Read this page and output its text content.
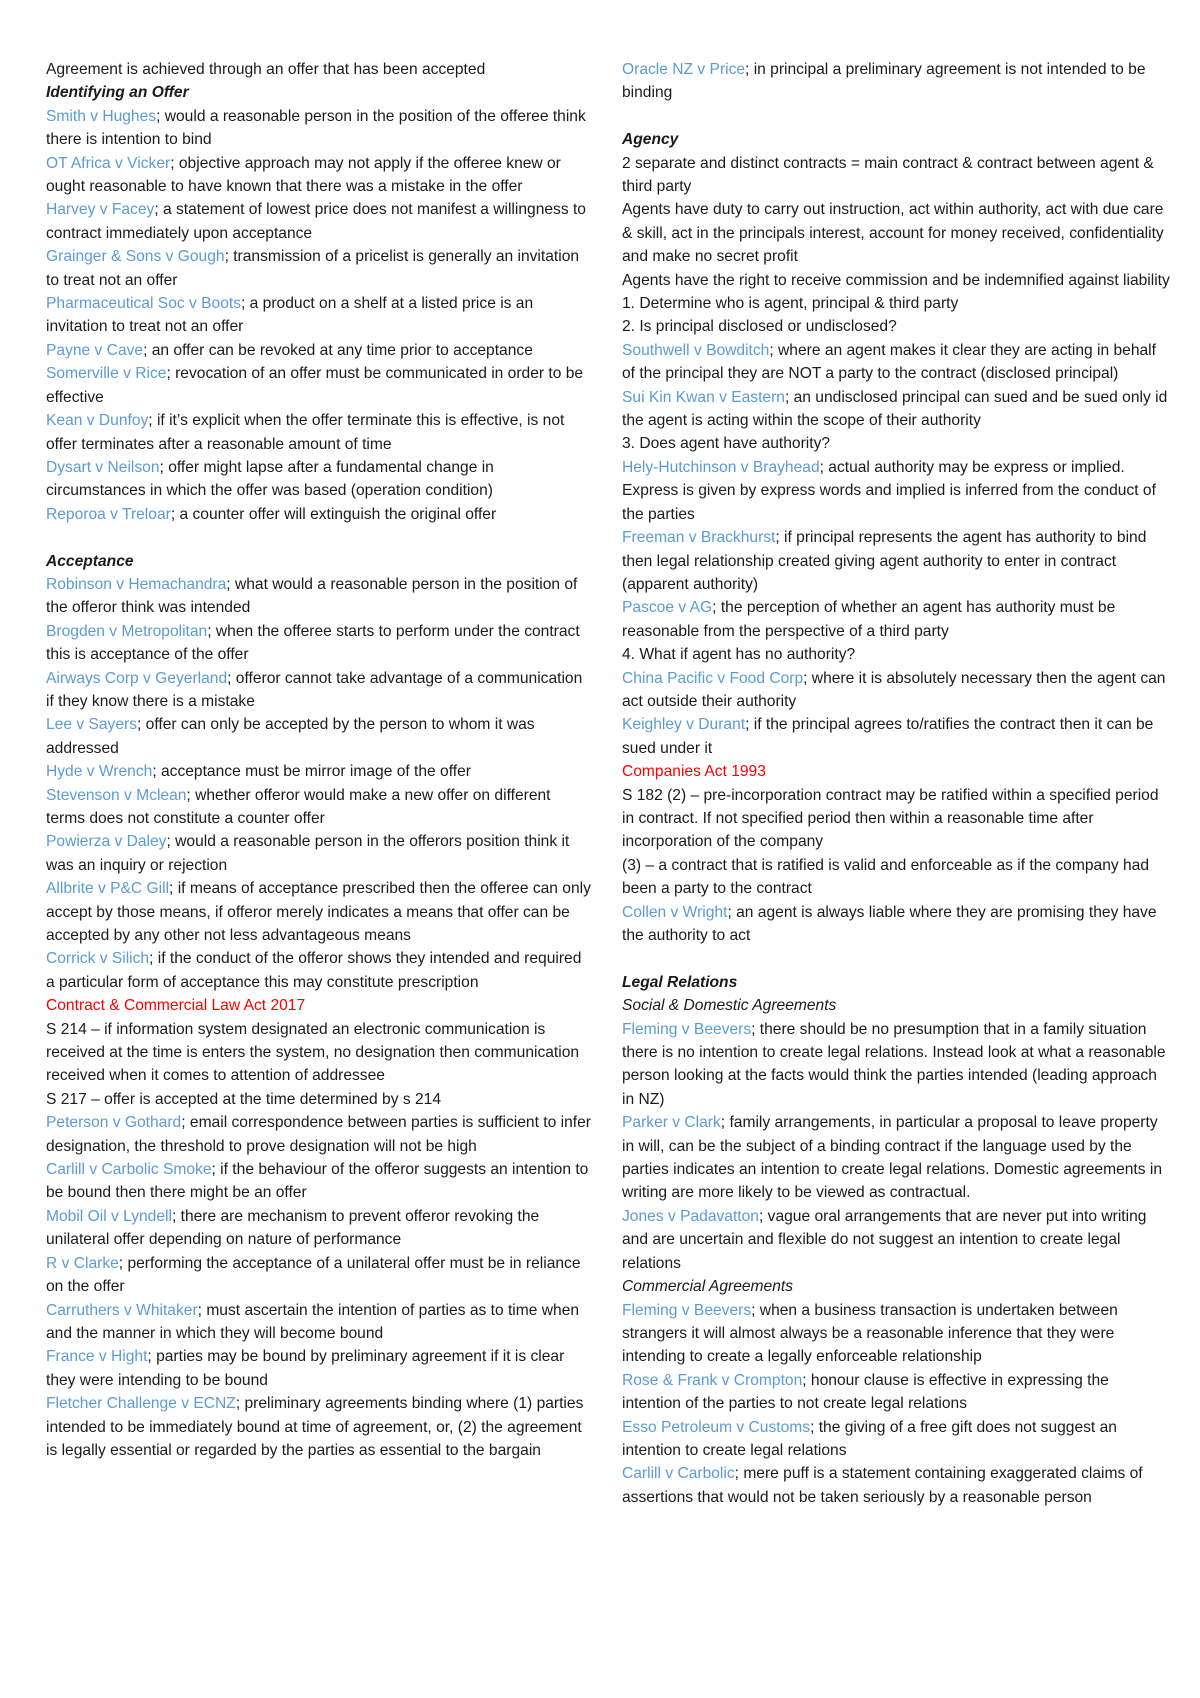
Agreement is achieved through an offer that has been accepted

Identifying an Offer

Smith v Hughes; would a reasonable person in the position of the offeree think there is intention to bind

OT Africa v Vicker; objective approach may not apply if the offeree knew or ought reasonable to have known that there was a mistake in the offer

Harvey v Facey; a statement of lowest price does not manifest a willingness to contract immediately upon acceptance

Grainger & Sons v Gough; transmission of a pricelist is generally an invitation to treat not an offer

Pharmaceutical Soc v Boots; a product on a shelf at a listed price is an invitation to treat not an offer

Payne v Cave; an offer can be revoked at any time prior to acceptance

Somerville v Rice; revocation of an offer must be communicated in order to be effective

Kean v Dunfoy; if it’s explicit when the offer terminate this is effective, is not offer terminates after a reasonable amount of time

Dysart v Neilson; offer might lapse after a fundamental change in circumstances in which the offer was based (operation condition)

Reporoa v Treloar; a counter offer will extinguish the original offer

Acceptance

Robinson v Hemachandra; what would a reasonable person in the position of the offeror think was intended

Brogden v Metropolitan; when the offeree starts to perform under the contract this is acceptance of the offer

Airways Corp v Geyerland; offeror cannot take advantage of a communication if they know there is a mistake

Lee v Sayers; offer can only be accepted by the person to whom it was addressed

Hyde v Wrench; acceptance must be mirror image of the offer

Stevenson v Mclean; whether offeror would make a new offer on different terms does not constitute a counter offer

Powierza v Daley; would a reasonable person in the offerors position think it was an inquiry or rejection

Allbrite v P&C Gill; if means of acceptance prescribed then the offeree can only accept by those means, if offeror merely indicates a means that offer can be accepted by any other not less advantageous means

Corrick v Silich; if the conduct of the offeror shows they intended and required a particular form of acceptance this may constitute prescription

Contract & Commercial Law Act 2017

S 214 – if information system designated an electronic communication is received at the time is enters the system, no designation then communication received when it comes to attention of addressee

S 217 – offer is accepted at the time determined by s 214

Peterson v Gothard; email correspondence between parties is sufficient to infer designation, the threshold to prove designation will not be high

Carlill v Carbolic Smoke; if the behaviour of the offeror suggests an intention to be bound then there might be an offer

Mobil Oil v Lyndell; there are mechanism to prevent offeror revoking the unilateral offer depending on nature of performance

R v Clarke; performing the acceptance of a unilateral offer must be in reliance on the offer

Carruthers v Whitaker; must ascertain the intention of parties as to time when and the manner in which they will become bound

France v Hight; parties may be bound by preliminary agreement if it is clear they were intending to be bound

Fletcher Challenge v ECNZ; preliminary agreements binding where (1) parties intended to be immediately bound at time of agreement, or, (2) the agreement is legally essential or regarded by the parties as essential to the bargain

Oracle NZ v Price; in principal a preliminary agreement is not intended to be binding

Agency

2 separate and distinct contracts = main contract & contract between agent & third party

Agents have duty to carry out instruction, act within authority, act with due care & skill, act in the principals interest, account for money received, confidentiality and make no secret profit

Agents have the right to receive commission and be indemnified against liability

1. Determine who is agent, principal & third party

2. Is principal disclosed or undisclosed?

Southwell v Bowditch; where an agent makes it clear they are acting in behalf of the principal they are NOT a party to the contract (disclosed principal)

Sui Kin Kwan v Eastern; an undisclosed principal can sued and be sued only id the agent is acting within the scope of their authority

3. Does agent have authority?

Hely-Hutchinson v Brayhead; actual authority may be express or implied. Express is given by express words and implied is inferred from the conduct of the parties

Freeman v Brackhurst; if principal represents the agent has authority to bind then legal relationship created giving agent authority to enter in contract (apparent authority)

Pascoe v AG; the perception of whether an agent has authority must be reasonable from the perspective of a third party

4. What if agent has no authority?

China Pacific v Food Corp; where it is absolutely necessary then the agent can act outside their authority

Keighley v Durant; if the principal agrees to/ratifies the contract then it can be sued under it

Companies Act 1993

S 182 (2) – pre-incorporation contract may be ratified within a specified period in contract. If not specified period then within a reasonable time after incorporation of the company

(3) – a contract that is ratified is valid and enforceable as if the company had been a party to the contract

Collen v Wright; an agent is always liable where they are promising they have the authority to act

Legal Relations

Social & Domestic Agreements

Fleming v Beevers; there should be no presumption that in a family situation there is no intention to create legal relations. Instead look at what a reasonable person looking at the facts would think the parties intended (leading approach in NZ)

Parker v Clark; family arrangements, in particular a proposal to leave property in will, can be the subject of a binding contract if the language used by the parties indicates an intention to create legal relations. Domestic agreements in writing are more likely to be viewed as contractual.

Jones v Padavatton; vague oral arrangements that are never put into writing and are uncertain and flexible do not suggest an intention to create legal relations

Commercial Agreements

Fleming v Beevers; when a business transaction is undertaken between strangers it will almost always be a reasonable inference that they were intending to create a legally enforceable relationship

Rose & Frank v Crompton; honour clause is effective in expressing the intention of the parties to not create legal relations

Esso Petroleum v Customs; the giving of a free gift does not suggest an intention to create legal relations

Carlill v Carbolic; mere puff is a statement containing exaggerated claims of assertions that would not be taken seriously by a reasonable person
